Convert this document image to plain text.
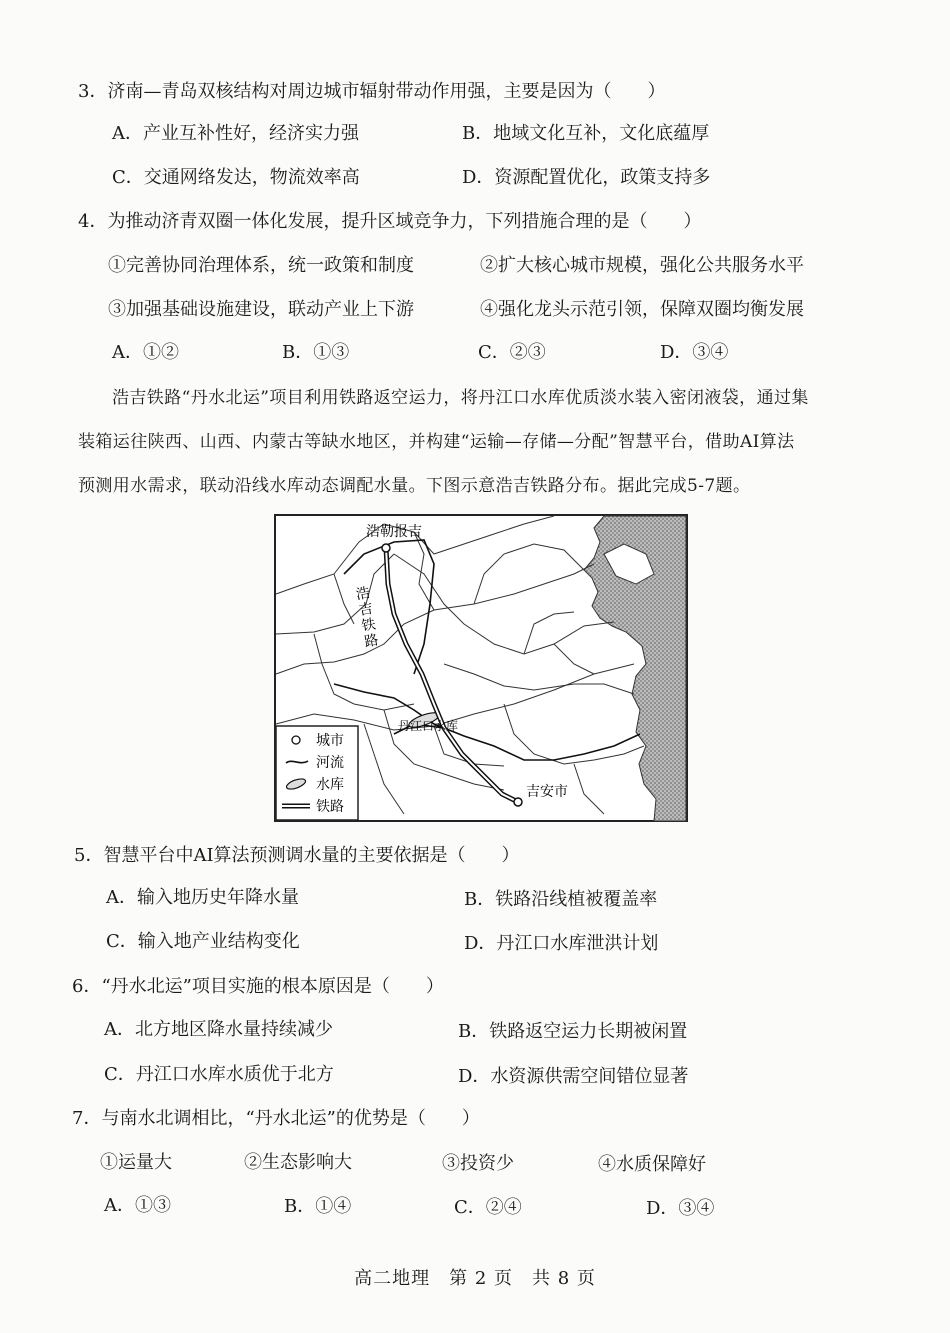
3．济南—青岛双核结构对周边城市辐射带动作用强，主要是因为（　　）
A．产业互补性好，经济实力强	B．地域文化互补，文化底蕴厚
C．交通网络发达，物流效率高	D．资源配置优化，政策支持多
4．为推动济青双圈一体化发展，提升区域竞争力，下列措施合理的是（　　）
①完善协同治理体系，统一政策和制度	②扩大核心城市规模，强化公共服务水平
③加强基础设施建设，联动产业上下游	④强化龙头示范引领，保障双圈均衡发展
A．①②	B．①③	C．②③	D．③④
浩吉铁路“丹水北运”项目利用铁路返空运力，将丹江口水库优质淡水装入密闭液袋，通过集
装箱运往陕西、山西、内蒙古等缺水地区，并构建“运输—存储—分配”智慧平台，借助AI算法
预测用水需求，联动沿线水库动态调配水量。下图示意浩吉铁路分布。据此完成5-7题。
浩勒报吉
吉安市
丹江口水库
浩吉铁路
城市
河流
水库
铁路
5．智慧平台中AI算法预测调水量的主要依据是（　　）
A．输入地历史年降水量	B．铁路沿线植被覆盖率
C．输入地产业结构变化	D．丹江口水库泄洪计划
6．“丹水北运”项目实施的根本原因是（　　）
A．北方地区降水量持续减少	B．铁路返空运力长期被闲置
C．丹江口水库水质优于北方	D．水资源供需空间错位显著
7．与南水北调相比，“丹水北运”的优势是（　　）
①运量大	②生态影响大	③投资少	④水质保障好
A．①③	B．①④	C．②④	D．③④
高二地理　第 2 页　共 8 页
